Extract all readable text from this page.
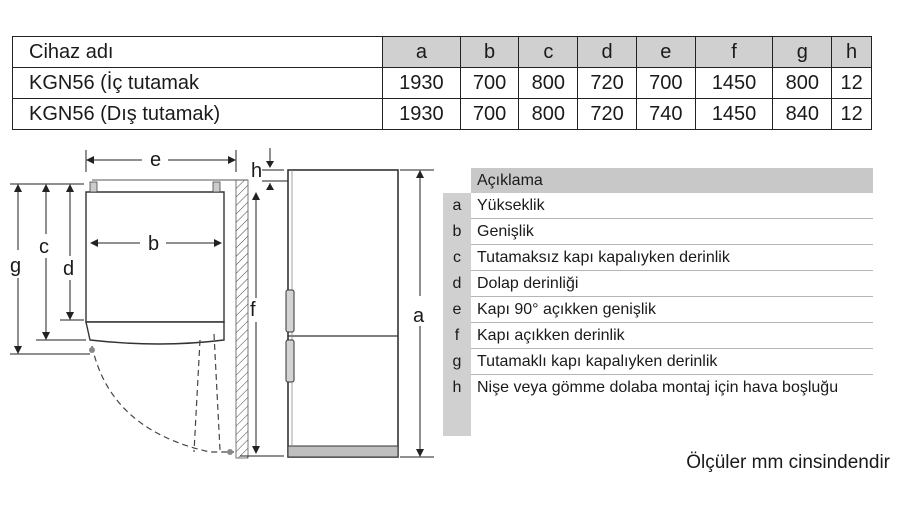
Cihaz adı	a	b	c	d	e	f	g	h
KGN56 (İç tutamak	1930	700	800	720	700	1450	800	12
KGN56 (Dış tutamak)	1930	700	800	720	740	1450	840	12
e
b
g
c
d
h
f	a
Açıklama
a Yükseklik
b Genişlik
c	Tutamaksız kapı kapalıyken derinlik
d Dolap derinliği
e Kapı 90° açıkken genişlik
f	Kapı açıkken derinlik
g Tutamaklı kapı kapalıyken derinlik
h Nişe veya gömme dolaba montaj için hava boşluğu
Ölçüler mm cinsindendir
